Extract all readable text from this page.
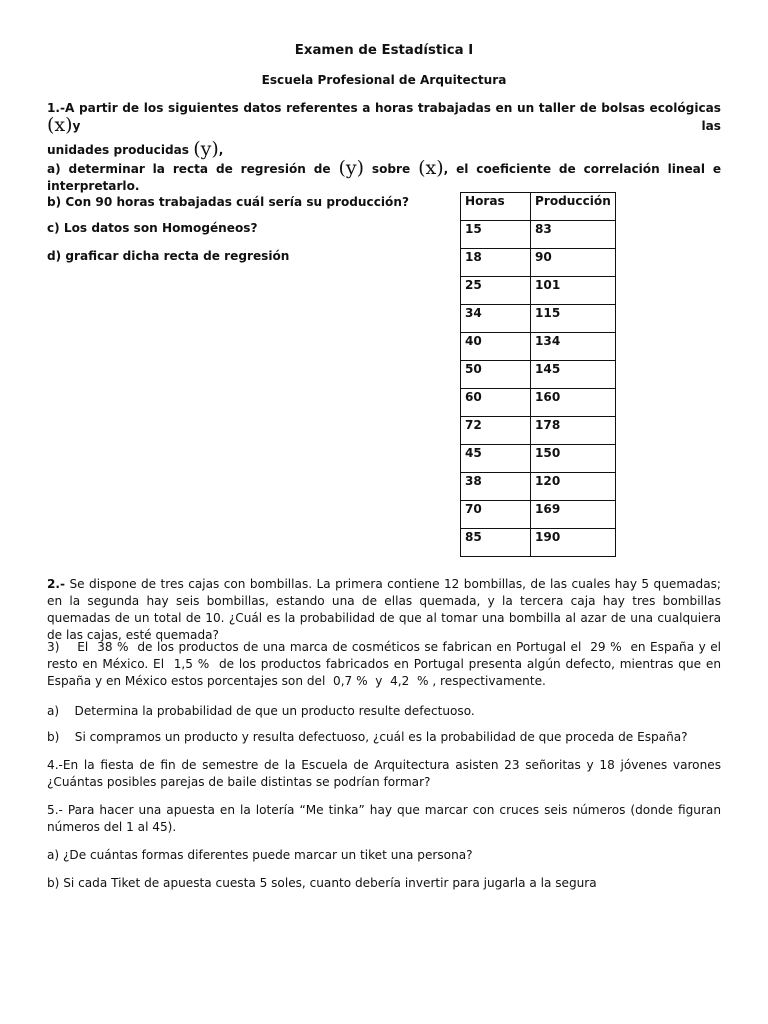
Examen de Estadística I
Escuela Profesional de Arquitectura
1.-A partir de los siguientes datos referentes a horas trabajadas en un taller de bolsas ecológicas (x)y las
unidades producidas (y),
a) determinar la recta de regresión de (y) sobre (x), el coeficiente de correlación lineal e interpretarlo.
b) Con 90 horas trabajadas cuál sería su producción?
c) Los datos son Homogéneos?
d) graficar dicha recta de regresión
Horas	Producción
15	83
18	90
25	101
34	115
40	134
50	145
60	160
72	178
45	150
38	120
70	169
85	190
2.- Se dispone de tres cajas con bombillas. La primera contiene 12 bombillas, de las cuales hay 5 quemadas; en la segunda hay seis bombillas, estando una de ellas quemada, y la tercera caja hay tres bombillas quemadas de un total de 10. ¿Cuál es la probabilidad de que al tomar una bombilla al azar de una cualquiera de las cajas, esté quemada?
3)    El  38 %  de los productos de una marca de cosméticos se fabrican en Portugal el  29 %  en España y el resto en México. El  1,5 %  de los productos fabricados en Portugal presenta algún defecto, mientras que en España y en México estos porcentajes son del  0,7 %  y  4,2  % , respectivamente.
a)    Determina la probabilidad de que un producto resulte defectuoso.
b)    Si compramos un producto y resulta defectuoso, ¿cuál es la probabilidad de que proceda de España?
4.-En la fiesta de fin de semestre de la Escuela de Arquitectura asisten 23 señoritas y 18 jóvenes varones ¿Cuántas posibles parejas de baile distintas se podrían formar?
5.- Para hacer una apuesta en la lotería “Me tinka” hay que marcar con cruces seis números (donde figuran números del 1 al 45).
a) ¿De cuántas formas diferentes puede marcar un tiket una persona?
b) Si cada Tiket de apuesta cuesta 5 soles, cuanto debería invertir para jugarla a la segura
